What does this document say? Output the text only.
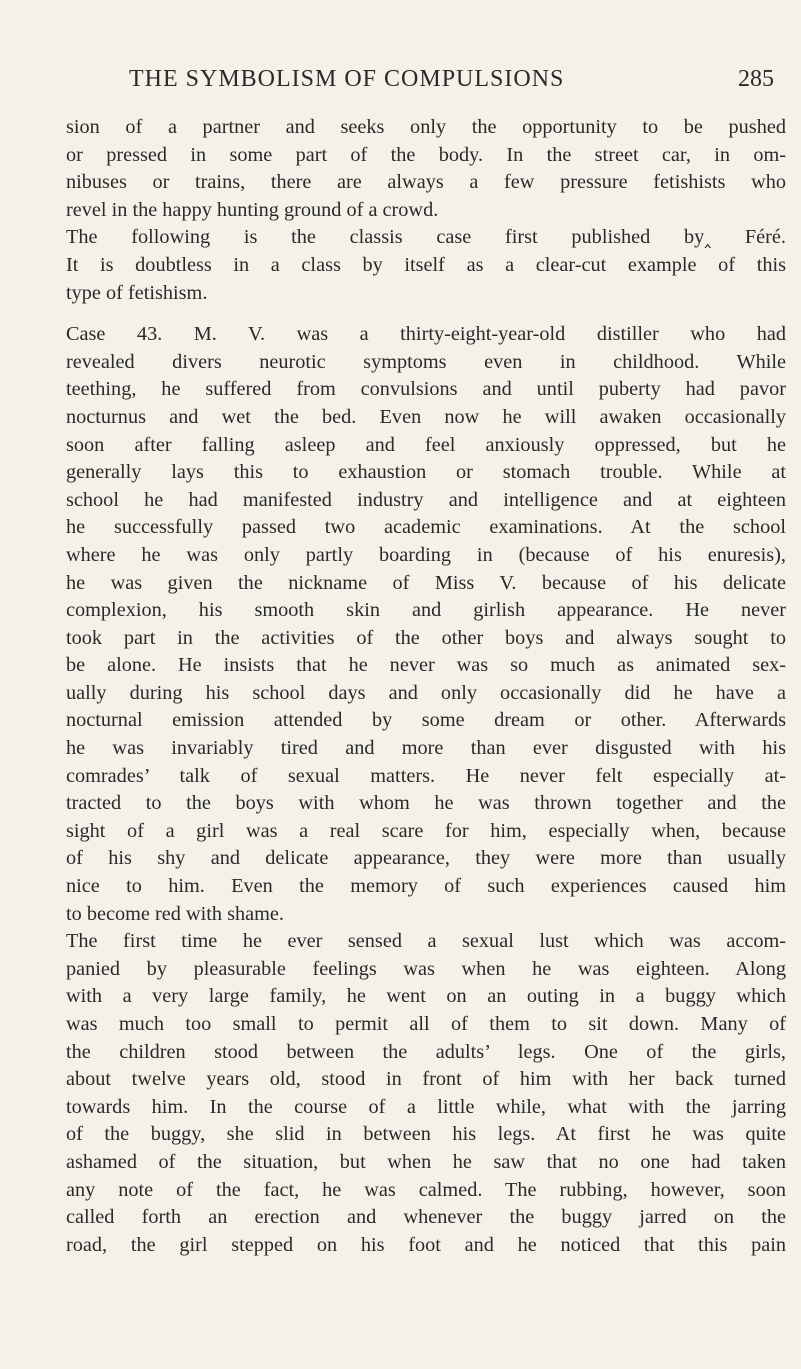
THE SYMBOLISM OF COMPULSIONS	285
sion of a partner and seeks only the opportunity to be pushed
or pressed in some part of the body. In the street car, in om-
nibuses or trains, there are always a few pressure fetishists who
revel in the happy hunting ground of a crowd.
The following is the classis case first published by‸ Féré.
It is doubtless in a class by itself as a clear-cut example of this
type of fetishism.
Case 43. M. V. was a thirty-eight-year-old distiller who had
revealed divers neurotic symptoms even in childhood. While
teething, he suffered from convulsions and until puberty had pavor
nocturnus and wet the bed. Even now he will awaken occasionally
soon after falling asleep and feel anxiously oppressed, but he
generally lays this to exhaustion or stomach trouble. While at
school he had manifested industry and intelligence and at eighteen
he successfully passed two academic examinations. At the school
where he was only partly boarding in (because of his enuresis),
he was given the nickname of Miss V. because of his delicate
complexion, his smooth skin and girlish appearance. He never
took part in the activities of the other boys and always sought to
be alone. He insists that he never was so much as animated sex-
ually during his school days and only occasionally did he have a
nocturnal emission attended by some dream or other. Afterwards
he was invariably tired and more than ever disgusted with his
comrades’ talk of sexual matters. He never felt especially at-
tracted to the boys with whom he was thrown together and the
sight of a girl was a real scare for him, especially when, because
of his shy and delicate appearance, they were more than usually
nice to him. Even the memory of such experiences caused him
to become red with shame.
The first time he ever sensed a sexual lust which was accom-
panied by pleasurable feelings was when he was eighteen. Along
with a very large family, he went on an outing in a buggy which
was much too small to permit all of them to sit down. Many of
the children stood between the adults’ legs. One of the girls,
about twelve years old, stood in front of him with her back turned
towards him. In the course of a little while, what with the jarring
of the buggy, she slid in between his legs. At first he was quite
ashamed of the situation, but when he saw that no one had taken
any note of the fact, he was calmed. The rubbing, however, soon
called forth an erection and whenever the buggy jarred on the
road, the girl stepped on his foot and he noticed that this pain
